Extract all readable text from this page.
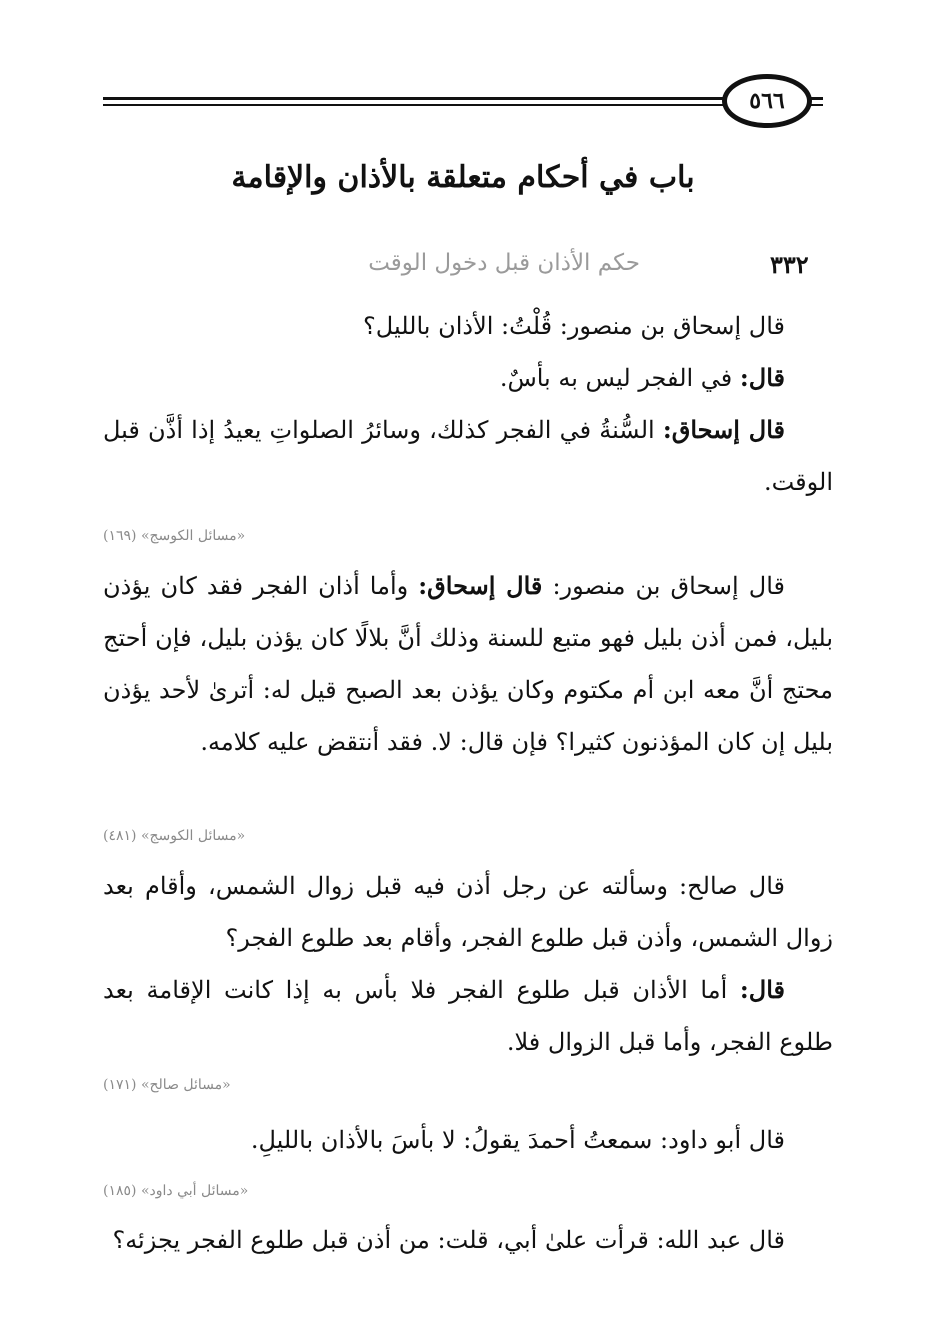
٥٦٦
باب في أحكام متعلقة بالأذان والإقامة
٣٣٢
حكم الأذان قبل دخول الوقت
قال إسحاق بن منصور: قُلْتُ: الأذان بالليل؟
قال: في الفجر ليس به بأسٌ.
قال إسحاق: السُّنةُ في الفجر كذلك، وسائرُ الصلواتِ يعيدُ إذا أذَّن قبل الوقت.
«مسائل الكوسج» (١٦٩)
قال إسحاق بن منصور: قال إسحاق: وأما أذان الفجر فقد كان يؤذن بليل، فمن أذن بليل فهو متبع للسنة وذلك أنَّ بلالًا كان يؤذن بليل، فإن أحتج محتج أنَّ معه ابن أم مكتوم وكان يؤذن بعد الصبح قيل له: أترىٰ لأحد يؤذن بليل إن كان المؤذنون كثيرا؟ فإن قال: لا. فقد أنتقض عليه كلامه.
«مسائل الكوسج» (٤٨١)
قال صالح: وسألته عن رجل أذن فيه قبل زوال الشمس، وأقام بعد زوال الشمس، وأذن قبل طلوع الفجر، وأقام بعد طلوع الفجر؟
قال: أما الأذان قبل طلوع الفجر فلا بأس به إذا كانت الإقامة بعد طلوع الفجر، وأما قبل الزوال فلا.
«مسائل صالح» (١٧١)
قال أبو داود: سمعتُ أحمدَ يقولُ: لا بأسَ بالأذان بالليلِ.
«مسائل أبي داود» (١٨٥)
قال عبد الله: قرأت علىٰ أبي، قلت: من أذن قبل طلوع الفجر يجزئه؟
